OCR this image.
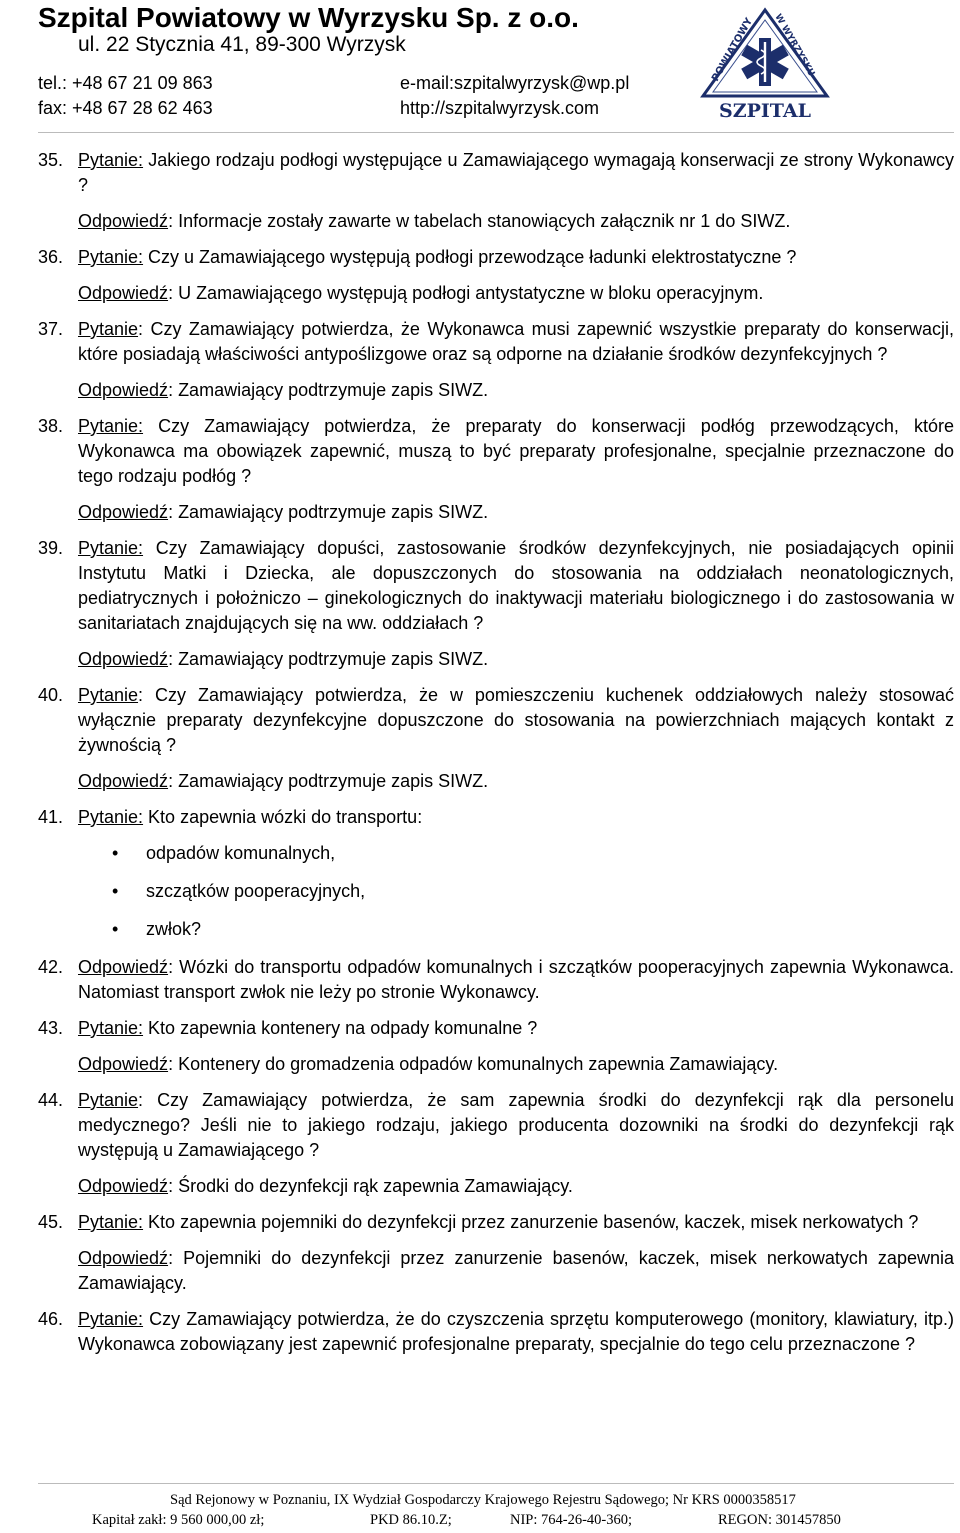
Szpital Powiatowy w Wyrzysku Sp. z o.o.
ul. 22 Stycznia 41, 89-300 Wyrzysk
tel.: +48 67 21 09 863
fax: +48 67 28 62 463
e-mail:szpitalwyrzysk@wp.pl
http://szpitalwyrzysk.com
POWIATOWY W WYRZYSKU
SZPITAL
35. Pytanie: Jakiego rodzaju podłogi występujące u Zamawiającego wymagają konserwacji ze strony Wykonawcy ?
Odpowiedź: Informacje zostały zawarte w tabelach stanowiących załącznik nr 1 do SIWZ.
36. Pytanie: Czy u Zamawiającego występują podłogi przewodzące ładunki elektrostatyczne ?
Odpowiedź: U Zamawiającego występują podłogi antystatyczne w bloku operacyjnym.
37. Pytanie: Czy Zamawiający potwierdza, że Wykonawca musi zapewnić wszystkie preparaty do konserwacji, które posiadają właściwości antypoślizgowe oraz są odporne na działanie środków dezynfekcyjnych ?
Odpowiedź: Zamawiający podtrzymuje zapis SIWZ.
38. Pytanie: Czy Zamawiający potwierdza, że preparaty do konserwacji podłóg przewodzących, które Wykonawca ma obowiązek zapewnić, muszą to być preparaty profesjonalne, specjalnie przeznaczone do tego rodzaju podłóg ?
Odpowiedź: Zamawiający podtrzymuje zapis SIWZ.
39. Pytanie: Czy Zamawiający dopuści, zastosowanie środków dezynfekcyjnych, nie posiadających opinii Instytutu Matki i Dziecka, ale dopuszczonych do stosowania na oddziałach neonatologicznych, pediatrycznych i położniczo – ginekologicznych do inaktywacji materiału biologicznego i do zastosowania w sanitariatach znajdujących się na ww. oddziałach ?
Odpowiedź: Zamawiający podtrzymuje zapis SIWZ.
40. Pytanie: Czy Zamawiający potwierdza, że w pomieszczeniu kuchenek oddziałowych należy stosować wyłącznie preparaty dezynfekcyjne dopuszczone do stosowania na powierzchniach mających kontakt z żywnością ?
Odpowiedź: Zamawiający podtrzymuje zapis SIWZ.
41. Pytanie: Kto zapewnia wózki do transportu:
• odpadów komunalnych,
• szczątków pooperacyjnych,
• zwłok?
42. Odpowiedź: Wózki do transportu odpadów komunalnych i szczątków pooperacyjnych zapewnia Wykonawca. Natomiast transport zwłok nie leży po stronie Wykonawcy.
43. Pytanie: Kto zapewnia kontenery na odpady komunalne ?
Odpowiedź: Kontenery do gromadzenia odpadów komunalnych zapewnia Zamawiający.
44. Pytanie: Czy Zamawiający potwierdza, że sam zapewnia środki do dezynfekcji rąk dla personelu medycznego? Jeśli nie to jakiego rodzaju, jakiego producenta dozowniki na środki do dezynfekcji rąk występują u Zamawiającego ?
Odpowiedź: Środki do dezynfekcji rąk zapewnia Zamawiający.
45. Pytanie: Kto zapewnia pojemniki do dezynfekcji przez zanurzenie basenów, kaczek, misek nerkowatych ?
Odpowiedź: Pojemniki do dezynfekcji przez zanurzenie basenów, kaczek, misek nerkowatych zapewnia Zamawiający.
46. Pytanie: Czy Zamawiający potwierdza, że do czyszczenia sprzętu komputerowego (monitory, klawiatury, itp.) Wykonawca zobowiązany jest zapewnić profesjonalne preparaty, specjalnie do tego celu przeznaczone ?
Sąd Rejonowy w Poznaniu, IX Wydział Gospodarczy Krajowego Rejestru Sądowego; Nr KRS 0000358517
Kapitał zakł: 9 560 000,00 zł;	PKD 86.10.Z;	NIP: 764-26-40-360;	REGON: 301457850
